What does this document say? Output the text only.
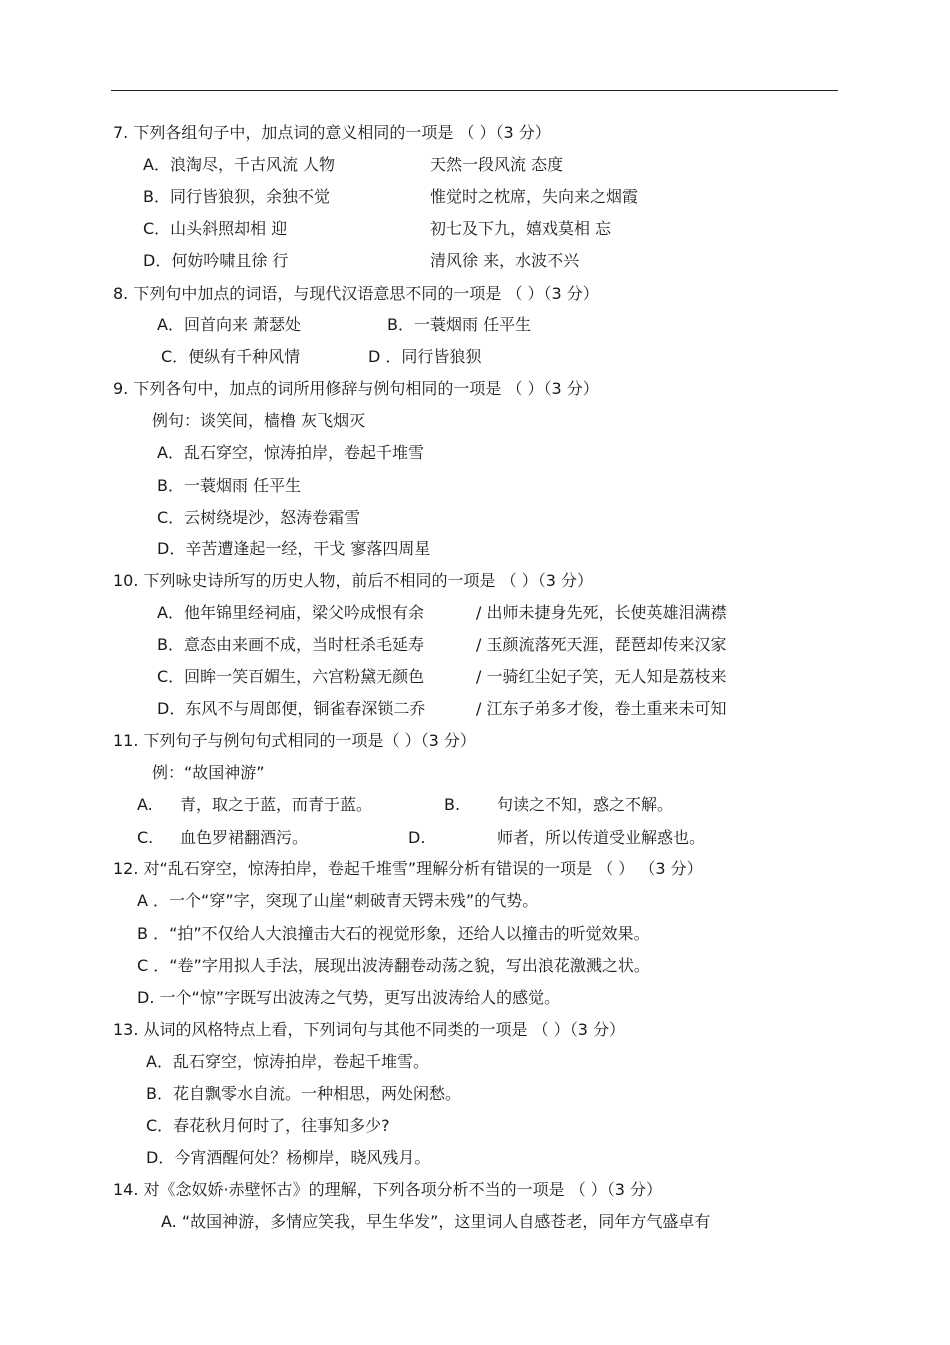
7. 下列各组句子中，加点词的意义相同的一项是 （ ）（3 分）
A．浪淘尽，千古风流 人物	天然一段风流 态度
B．同行皆狼狈，余独不觉	惟觉时之枕席，失向来之烟霞
C．山头斜照却相 迎	初七及下九，嬉戏莫相 忘
D．何妨吟啸且徐 行	清风徐 来，水波不兴
8. 下列句中加点的词语，与现代汉语意思不同的一项是 （ ）（3 分）
A．回首向来 萧瑟处	B．一蓑烟雨 任平生
C．便纵有千种风情	D ．同行皆狼狈
9. 下列各句中，加点的词所用修辞与例句相同的一项是 （ ）（3 分）
例句：谈笑间，樯橹 灰飞烟灭
A．乱石穿空，惊涛拍岸，卷起千堆雪
B．一蓑烟雨 任平生
C．云树绕堤沙，怒涛卷霜雪
D．辛苦遭逢起一经，干戈 寥落四周星
10. 下列咏史诗所写的历史人物，前后不相同的一项是 （ ）（3 分）
A．他年锦里经祠庙，梁父吟成恨有余	/ 出师未捷身先死，长使英雄泪满襟
B．意态由来画不成，当时枉杀毛延寿	/ 玉颜流落死天涯，琵琶却传来汉家
C．回眸一笑百媚生，六宫粉黛无颜色	/ 一骑红尘妃子笑，无人知是荔枝来
D．东风不与周郎便，铜雀春深锁二乔	/ 江东子弟多才俊，卷土重来未可知
11. 下列句子与例句句式相同的一项是（ ）（3 分）
例：“故国神游”
A. 青，取之于蓝，而青于蓝。	B. 句读之不知，惑之不解。
C. 血色罗裙翻酒污。	D.	师者，所以传道受业解惑也。
12. 对“乱石穿空，惊涛拍岸，卷起千堆雪”理解分析有错误的一项是 （ ） （3 分）
A ．一个“穿”字，突现了山崖“刺破青天锷未残”的气势。
B ．“拍”不仅给人大浪撞击大石的视觉形象，还给人以撞击的听觉效果。
C ．“卷”字用拟人手法，展现出波涛翻卷动荡之貌，写出浪花激溅之状。
D. 一个“惊”字既写出波涛之气势，更写出波涛给人的感觉。
13. 从词的风格特点上看，下列词句与其他不同类的一项是 （ ）（3 分）
A．乱石穿空，惊涛拍岸，卷起千堆雪。
B．花自飘零水自流。一种相思，两处闲愁。
C．春花秋月何时了，往事知多少?
D．今宵酒醒何处？杨柳岸，晓风残月。
14. 对《念奴娇·赤壁怀古》的理解，下列各项分析不当的一项是 （ ）（3 分）
A. “故国神游，多情应笑我，早生华发”，这里词人自感苍老，同年方气盛卓有
